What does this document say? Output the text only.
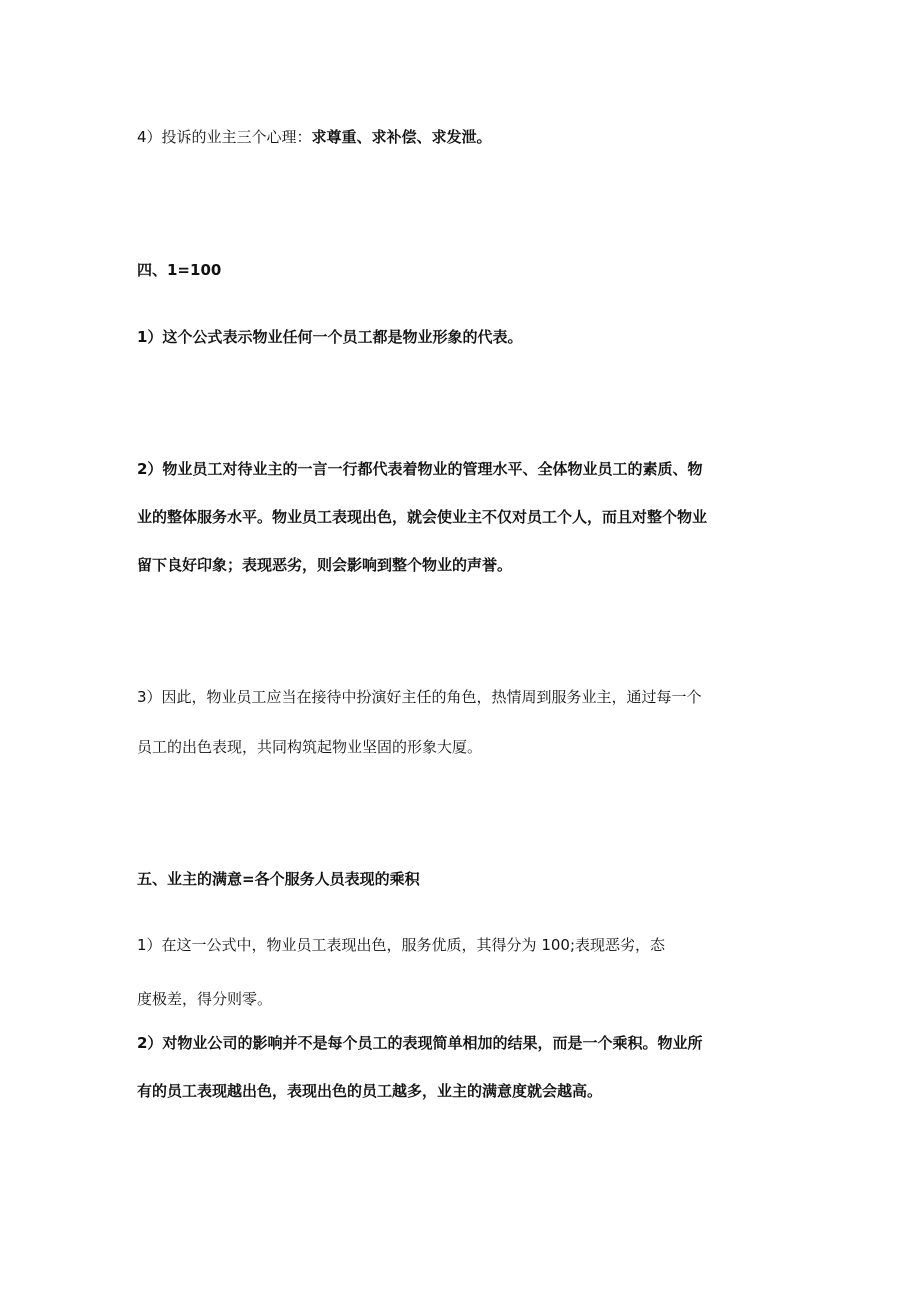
4）投诉的业主三个心理：求尊重、求补偿、求发泄。

四、1=100

1）这个公式表示物业任何一个员工都是物业形象的代表。

2）物业员工对待业主的一言一行都代表着物业的管理水平、全体物业员工的素质、物

业的整体服务水平。物业员工表现出色，就会使业主不仅对员工个人，而且对整个物业

留下良好印象；表现恶劣，则会影响到整个物业的声誉。

3）因此，物业员工应当在接待中扮演好主任的角色，热情周到服务业主，通过每一个

员工的出色表现，共同构筑起物业坚固的形象大厦。

五、业主的满意=各个服务人员表现的乘积

1）在这一公式中，物业员工表现出色，服务优质，其得分为 100;表现恶劣，态

度极差，得分则零。

2）对物业公司的影响并不是每个员工的表现简单相加的结果，而是一个乘积。物业所

有的员工表现越出色，表现出色的员工越多，业主的满意度就会越高。
